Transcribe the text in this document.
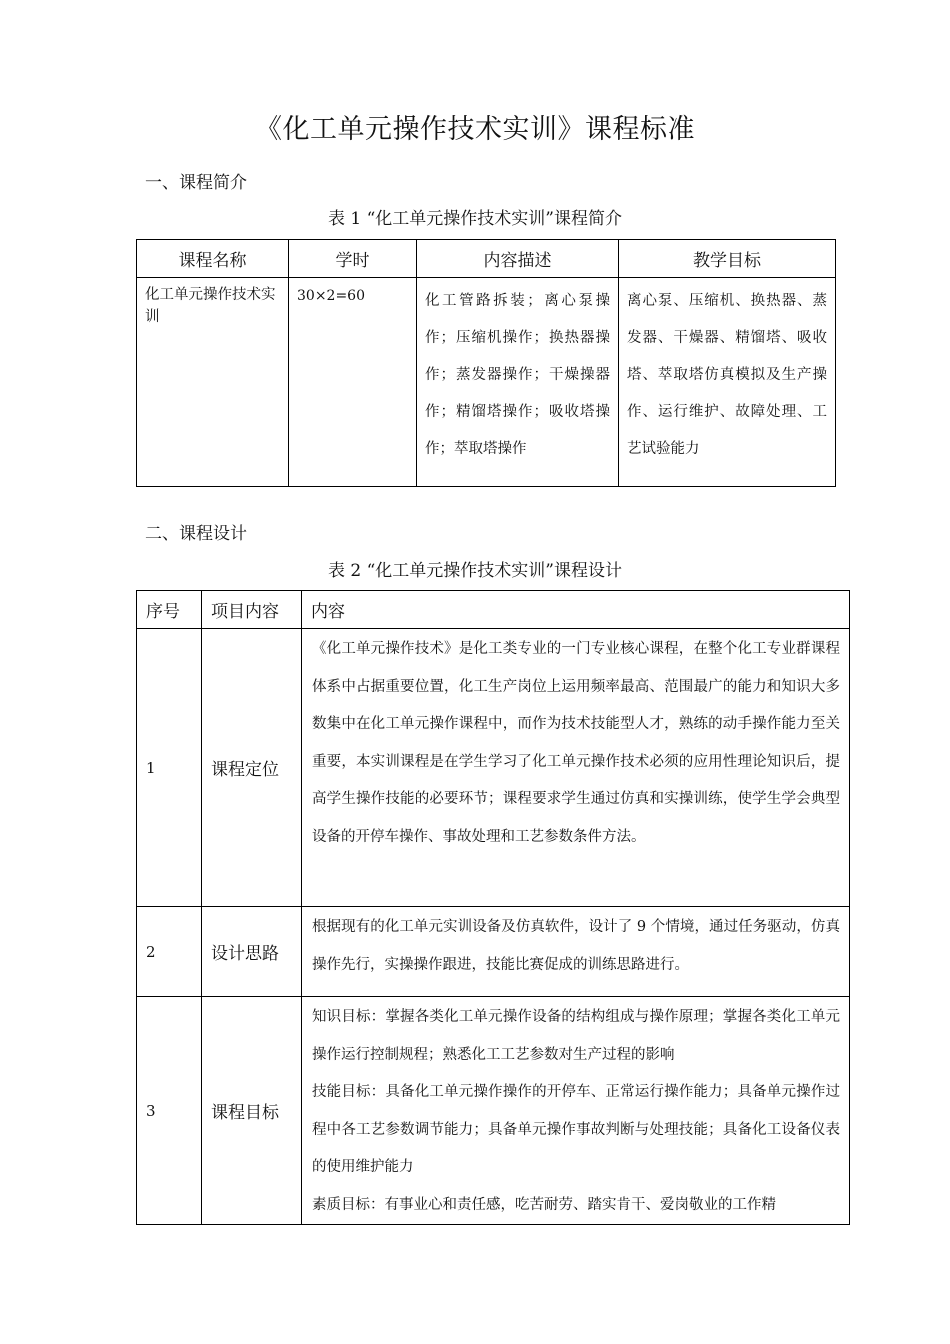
《化工单元操作技术实训》课程标准
一、课程简介
表 1 “化工单元操作技术实训”课程简介
课程名称	学时	内容描述	教学目标
化工单元操作技术实训	30×2=60	化工管路拆装；离心泵操作；压缩机操作；换热器操作；蒸发器操作；干燥操器作；精馏塔操作；吸收塔操作；萃取塔操作	离心泵、压缩机、换热器、蒸发器、干燥器、精馏塔、吸收塔、萃取塔仿真模拟及生产操作、运行维护、故障处理、工艺试验能力
二、课程设计
表 2 “化工单元操作技术实训”课程设计
序号	项目内容	内容
1	课程定位	《化工单元操作技术》是化工类专业的一门专业核心课程，在整个化工专业群课程体系中占据重要位置，化工生产岗位上运用频率最高、范围最广的能力和知识大多数集中在化工单元操作课程中，而作为技术技能型人才，熟练的动手操作能力至关重要，本实训课程是在学生学习了化工单元操作技术必须的应用性理论知识后，提高学生操作技能的必要环节；课程要求学生通过仿真和实操训练，使学生学会典型设备的开停车操作、事故处理和工艺参数条件方法。
2	设计思路	根据现有的化工单元实训设备及仿真软件，设计了 9 个情境，通过任务驱动，仿真操作先行，实操操作跟进，技能比赛促成的训练思路进行。
3	课程目标	知识目标：掌握各类化工单元操作设备的结构组成与操作原理；掌握各类化工单元操作运行控制规程；熟悉化工工艺参数对生产过程的影响
技能目标：具备化工单元操作操作的开停车、正常运行操作能力；具备单元操作过程中各工艺参数调节能力；具备单元操作事故判断与处理技能；具备化工设备仪表的使用维护能力
素质目标：有事业心和责任感，吃苦耐劳、踏实肯干、爱岗敬业的工作精
